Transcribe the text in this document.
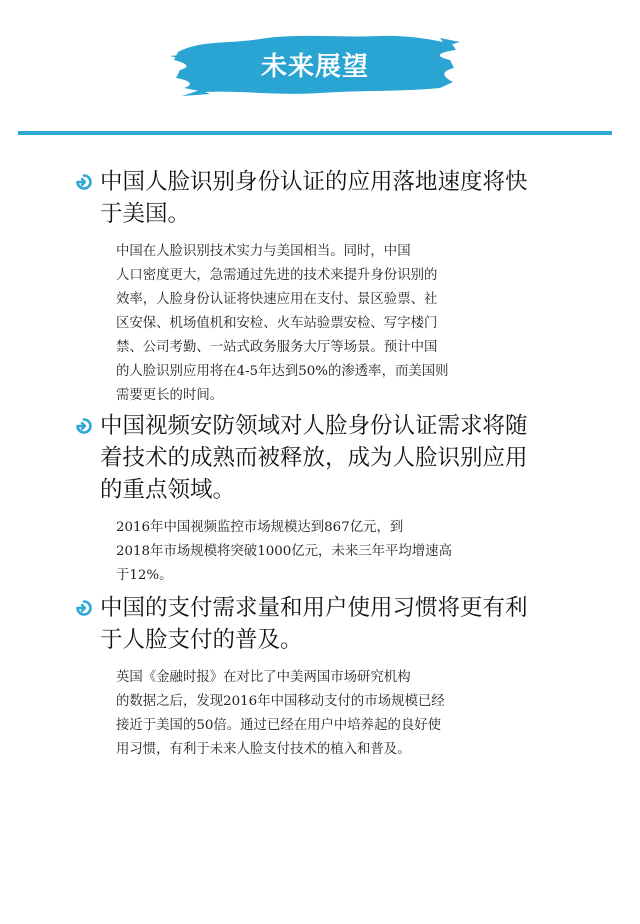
未来展望
中国人脸识别身份认证的应用落地速度将快
于美国。
中国在人脸识别技术实力与美国相当。同时，中国
人口密度更大，急需通过先进的技术来提升身份识别的
效率，人脸身份认证将快速应用在支付、景区验票、社
区安保、机场值机和安检、火车站验票安检、写字楼门
禁、公司考勤、一站式政务服务大厅等场景。预计中国
的人脸识别应用将在4-5年达到50%的渗透率，而美国则
需要更长的时间。
中国视频安防领域对人脸身份认证需求将随
着技术的成熟而被释放，成为人脸识别应用
的重点领域。
2016年中国视频监控市场规模达到867亿元，到
2018年市场规模将突破1000亿元，未来三年平均增速高
于12%。
中国的支付需求量和用户使用习惯将更有利
于人脸支付的普及。
英国《金融时报》在对比了中美两国市场研究机构
的数据之后，发现2016年中国移动支付的市场规模已经
接近于美国的50倍。通过已经在用户中培养起的良好使
用习惯，有利于未来人脸支付技术的植入和普及。
